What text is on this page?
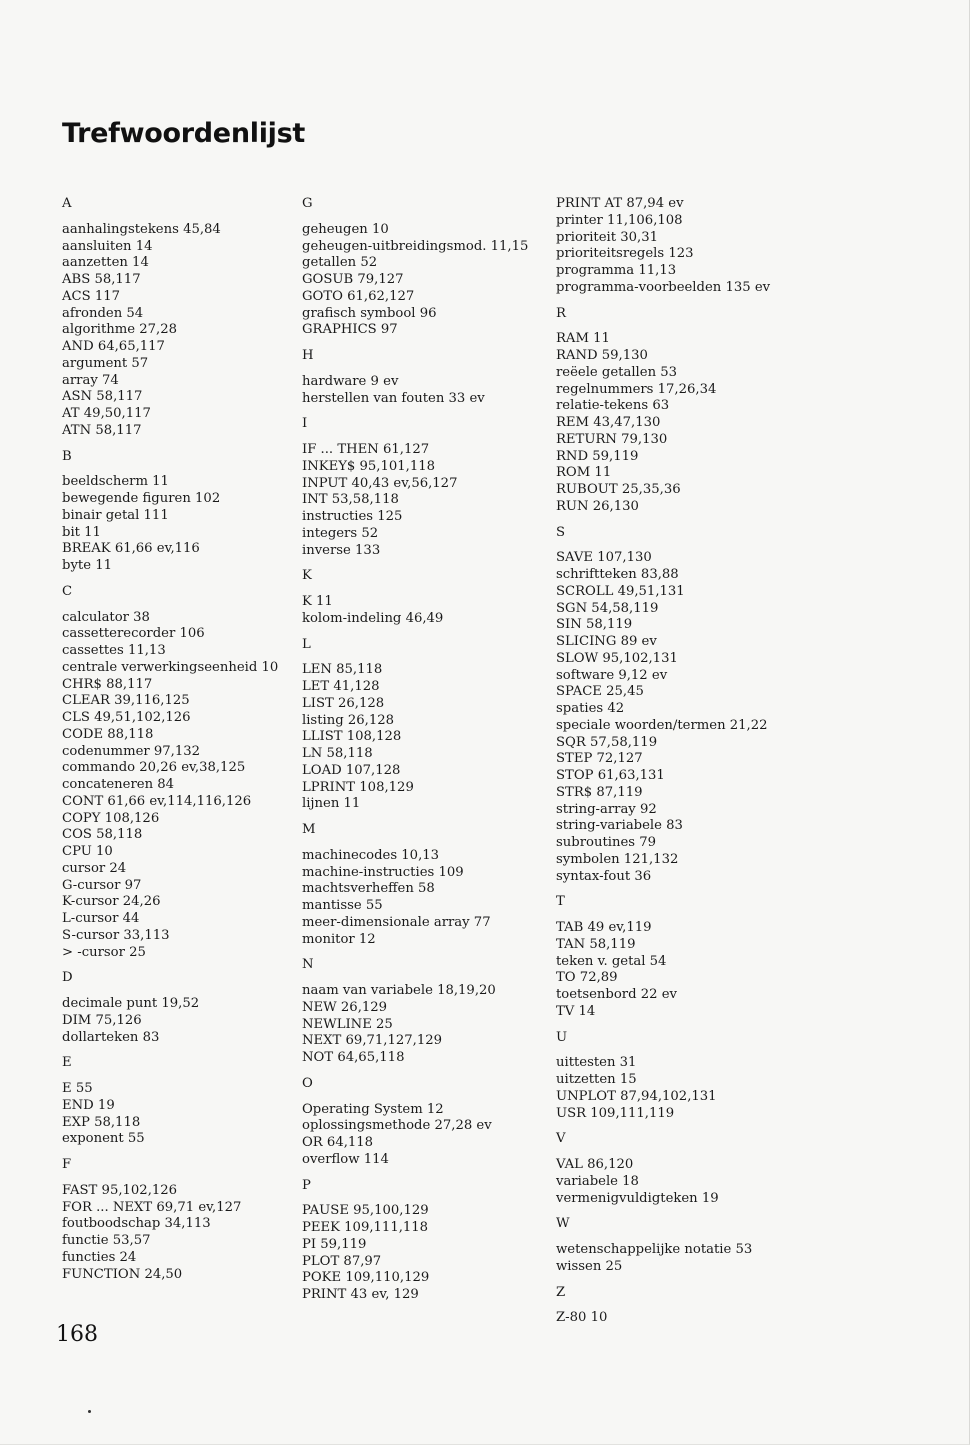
Trefwoordenlijst
A
aanhalingstekens 45,84
aansluiten 14
aanzetten 14
ABS 58,117
ACS 117
afronden 54
algorithme 27,28
AND 64,65,117
argument 57
array 74
ASN 58,117
AT 49,50,117
ATN 58,117
B
beeldscherm 11
bewegende figuren 102
binair getal 111
bit 11
BREAK 61,66 ev,116
byte 11
C
calculator 38
cassetterecorder 106
cassettes 11,13
centrale verwerkingseenheid 10
CHR$ 88,117
CLEAR 39,116,125
CLS 49,51,102,126
CODE 88,118
codenummer 97,132
commando 20,26 ev,38,125
concateneren 84
CONT 61,66 ev,114,116,126
COPY 108,126
COS 58,118
CPU 10
cursor 24
G-cursor 97
K-cursor 24,26
L-cursor 44
S-cursor 33,113
> -cursor 25
D
decimale punt 19,52
DIM 75,126
dollarteken 83
E
E 55
END 19
EXP 58,118
exponent 55
F
FAST 95,102,126
FOR ... NEXT 69,71 ev,127
foutboodschap 34,113
functie 53,57
functies 24
FUNCTION 24,50
G
geheugen 10
geheugen-uitbreidingsmod. 11,15
getallen 52
GOSUB 79,127
GOTO 61,62,127
grafisch symbool 96
GRAPHICS 97
H
hardware 9 ev
herstellen van fouten 33 ev
I
IF ... THEN 61,127
INKEY$ 95,101,118
INPUT 40,43 ev,56,127
INT 53,58,118
instructies 125
integers 52
inverse 133
K
K 11
kolom-indeling 46,49
L
LEN 85,118
LET 41,128
LIST 26,128
listing 26,128
LLIST 108,128
LN 58,118
LOAD 107,128
LPRINT 108,129
lijnen 11
M
machinecodes 10,13
machine-instructies 109
machtsverheffen 58
mantisse 55
meer-dimensionale array 77
monitor 12
N
naam van variabele 18,19,20
NEW 26,129
NEWLINE 25
NEXT 69,71,127,129
NOT 64,65,118
O
Operating System 12
oplossingsmethode 27,28 ev
OR 64,118
overflow 114
P
PAUSE 95,100,129
PEEK 109,111,118
PI 59,119
PLOT 87,97
POKE 109,110,129
PRINT 43 ev, 129
PRINT AT 87,94 ev
printer 11,106,108
prioriteit 30,31
prioriteitsregels 123
programma 11,13
programma-voorbeelden 135 ev
R
RAM 11
RAND 59,130
reëele getallen 53
regelnummers 17,26,34
relatie-tekens 63
REM 43,47,130
RETURN 79,130
RND 59,119
ROM 11
RUBOUT 25,35,36
RUN 26,130
S
SAVE 107,130
schriftteken 83,88
SCROLL 49,51,131
SGN 54,58,119
SIN 58,119
SLICING 89 ev
SLOW 95,102,131
software 9,12 ev
SPACE 25,45
spaties 42
speciale woorden/termen 21,22
SQR 57,58,119
STEP 72,127
STOP 61,63,131
STR$ 87,119
string-array 92
string-variabele 83
subroutines 79
symbolen 121,132
syntax-fout 36
T
TAB 49 ev,119
TAN 58,119
teken v. getal 54
TO 72,89
toetsenbord 22 ev
TV 14
U
uittesten 31
uitzetten 15
UNPLOT 87,94,102,131
USR 109,111,119
V
VAL 86,120
variabele 18
vermenigvuldigteken 19
W
wetenschappelijke notatie 53
wissen 25
Z
Z-80 10
168
